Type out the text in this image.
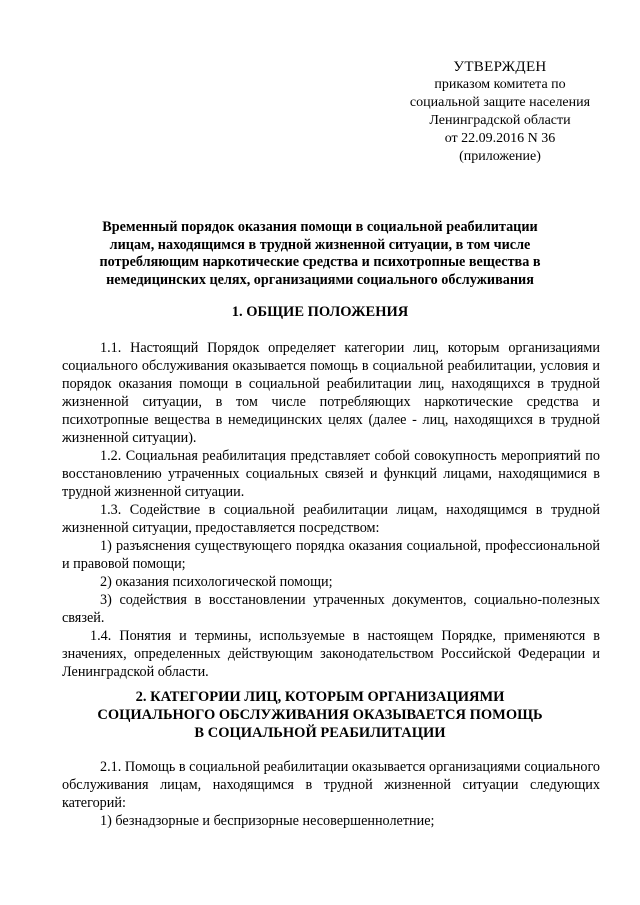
УТВЕРЖДЕН
приказом комитета по
социальной защите населения
Ленинградской области
от 22.09.2016 N 36
(приложение)
Временный порядок оказания помощи в социальной реабилитации
лицам, находящимся в трудной жизненной ситуации, в том числе
потребляющим наркотические средства и психотропные вещества в
немедицинских целях, организациями социального обслуживания
1. ОБЩИЕ ПОЛОЖЕНИЯ

1.1. Настоящий Порядок определяет категории лиц, которым организациями социального обслуживания оказывается помощь в социальной реабилитации, условия и порядок оказания помощи в социальной реабилитации лиц, находящихся в трудной жизненной ситуации, в том числе потребляющих наркотические средства и психотропные вещества в немедицинских целях (далее - лиц, находящихся в трудной жизненной ситуации).

1.2. Социальная реабилитация представляет собой совокупность мероприятий по восстановлению утраченных социальных связей и функций лицами, находящимися в трудной жизненной ситуации.

1.3. Содействие в социальной реабилитации лицам, находящимся в трудной жизненной ситуации, предоставляется посредством:

1) разъяснения существующего порядка оказания социальной, профессиональной и правовой помощи;

2) оказания психологической помощи;

3) содействия в восстановлении утраченных документов, социально-полезных связей.

1.4. Понятия и термины, используемые в настоящем Порядке, применяются в значениях, определенных действующим законодательством Российской Федерации и Ленинградской области.

2. КАТЕГОРИИ ЛИЦ, КОТОРЫМ ОРГАНИЗАЦИЯМИ
СОЦИАЛЬНОГО ОБСЛУЖИВАНИЯ ОКАЗЫВАЕТСЯ ПОМОЩЬ
В СОЦИАЛЬНОЙ РЕАБИЛИТАЦИИ

2.1. Помощь в социальной реабилитации оказывается организациями социального обслуживания лицам, находящимся в трудной жизненной ситуации следующих категорий:

1) безнадзорные и беспризорные несовершеннолетние;
